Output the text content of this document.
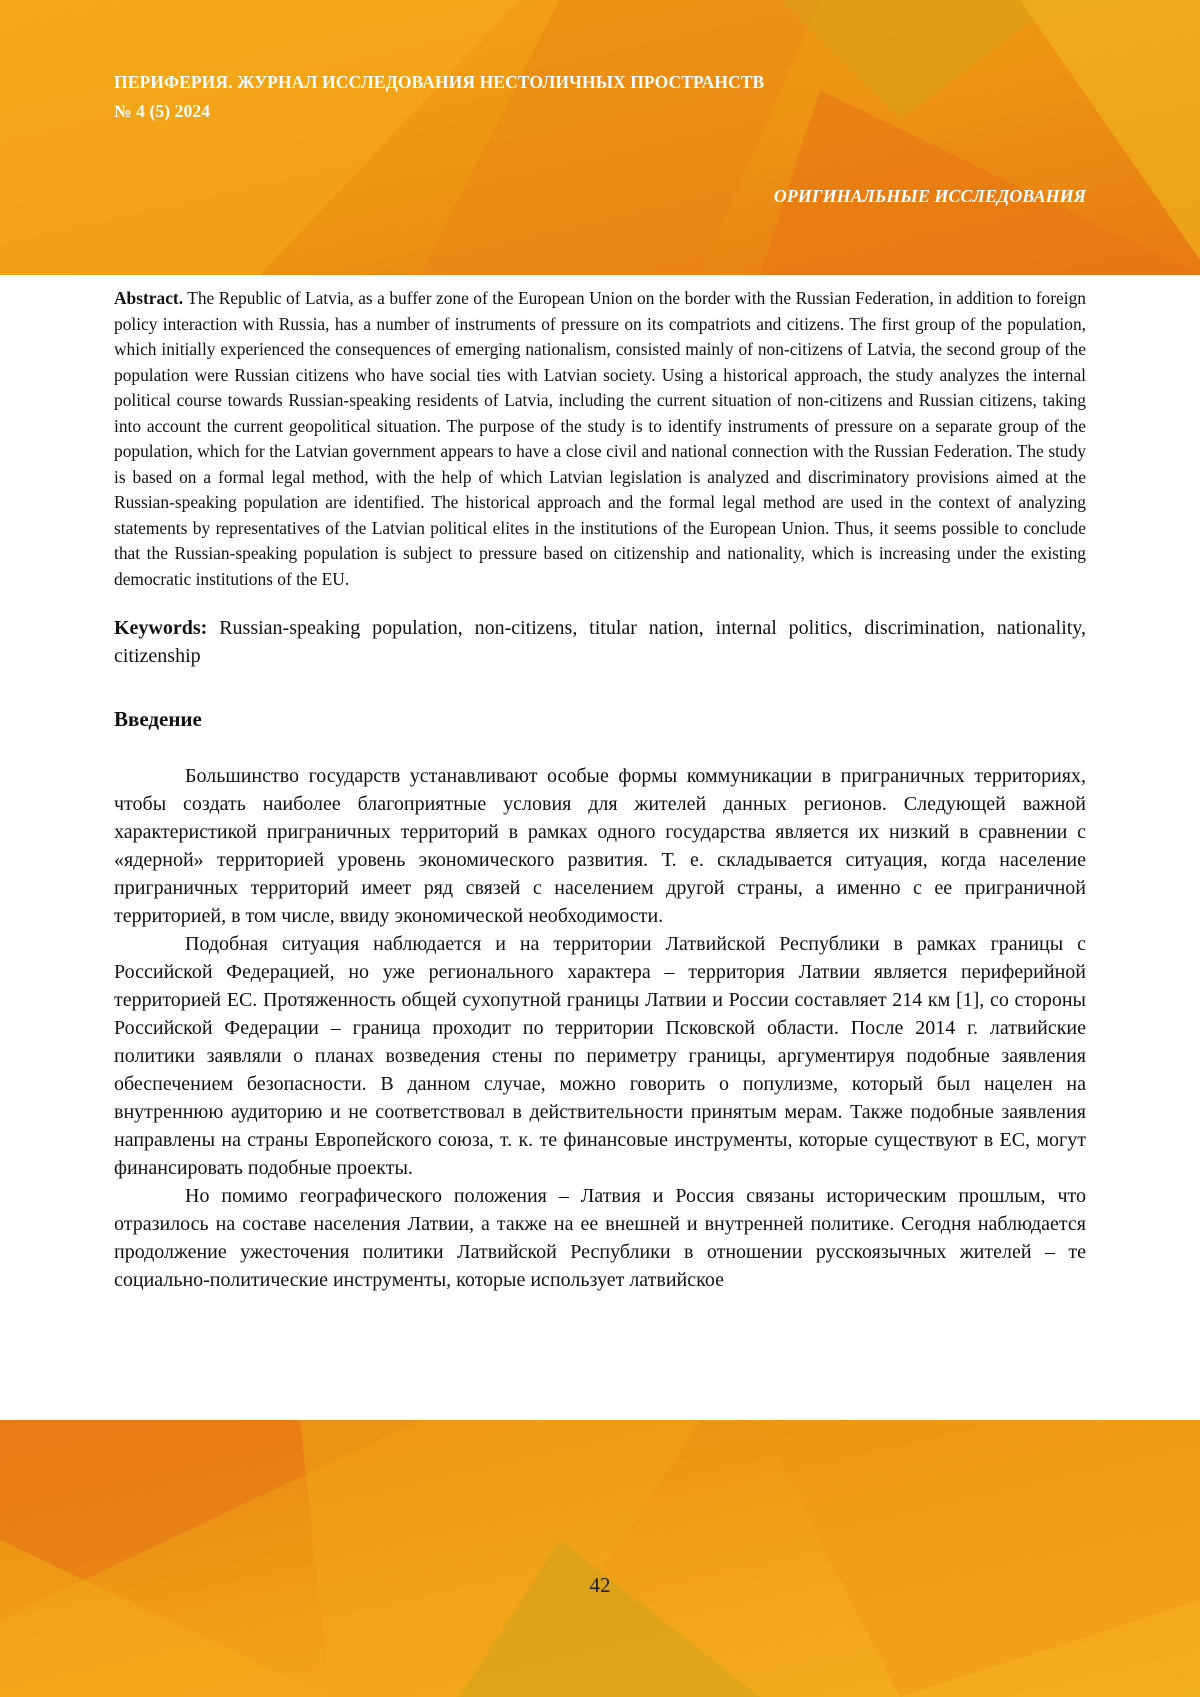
ПЕРИФЕРИЯ. ЖУРНАЛ ИССЛЕДОВАНИЯ НЕСТОЛИЧНЫХ ПРОСТРАНСТВ
№ 4 (5) 2024
ОРИГИНАЛЬНЫЕ ИССЛЕДОВАНИЯ

Abstract. The Republic of Latvia, as a buffer zone of the European Union on the border with the Russian Federation, in addition to foreign policy interaction with Russia, has a number of instruments of pressure on its compatriots and citizens. The first group of the population, which initially experienced the consequences of emerging nationalism, consisted mainly of non-citizens of Latvia, the second group of the population were Russian citizens who have social ties with Latvian society. Using a historical approach, the study analyzes the internal political course towards Russian-speaking residents of Latvia, including the current situation of non-citizens and Russian citizens, taking into account the current geopolitical situation. The purpose of the study is to identify instruments of pressure on a separate group of the population, which for the Latvian government appears to have a close civil and national connection with the Russian Federation. The study is based on a formal legal method, with the help of which Latvian legislation is analyzed and discriminatory provisions aimed at the Russian-speaking population are identified. The historical approach and the formal legal method are used in the context of analyzing statements by representatives of the Latvian political elites in the institutions of the European Union. Thus, it seems possible to conclude that the Russian-speaking population is subject to pressure based on citizenship and nationality, which is increasing under the existing democratic institutions of the EU.

Keywords: Russian-speaking population, non-citizens, titular nation, internal politics, discrimination, nationality, citizenship

Введение

Большинство государств устанавливают особые формы коммуникации в приграничных территориях, чтобы создать наиболее благоприятные условия для жителей данных регионов. Следующей важной характеристикой приграничных территорий в рамках одного государства является их низкий в сравнении с «ядерной» территорией уровень экономического развития. Т. е. складывается ситуация, когда население приграничных территорий имеет ряд связей с населением другой страны, а именно с ее приграничной территорией, в том числе, ввиду экономической необходимости.

Подобная ситуация наблюдается и на территории Латвийской Республики в рамках границы с Российской Федерацией, но уже регионального характера – территория Латвии является периферийной территорией ЕС. Протяженность общей сухопутной границы Латвии и России составляет 214 км [1], со стороны Российской Федерации – граница проходит по территории Псковской области. После 2014 г. латвийские политики заявляли о планах возведения стены по периметру границы, аргументируя подобные заявления обеспечением безопасности. В данном случае, можно говорить о популизме, который был нацелен на внутреннюю аудиторию и не соответствовал в действительности принятым мерам. Также подобные заявления направлены на страны Европейского союза, т. к. те финансовые инструменты, которые существуют в ЕС, могут финансировать подобные проекты.

Но помимо географического положения – Латвия и Россия связаны историческим прошлым, что отразилось на составе населения Латвии, а также на ее внешней и внутренней политике. Сегодня наблюдается продолжение ужесточения политики Латвийской Республики в отношении русскоязычных жителей – те социально-политические инструменты, которые использует латвийское

42
